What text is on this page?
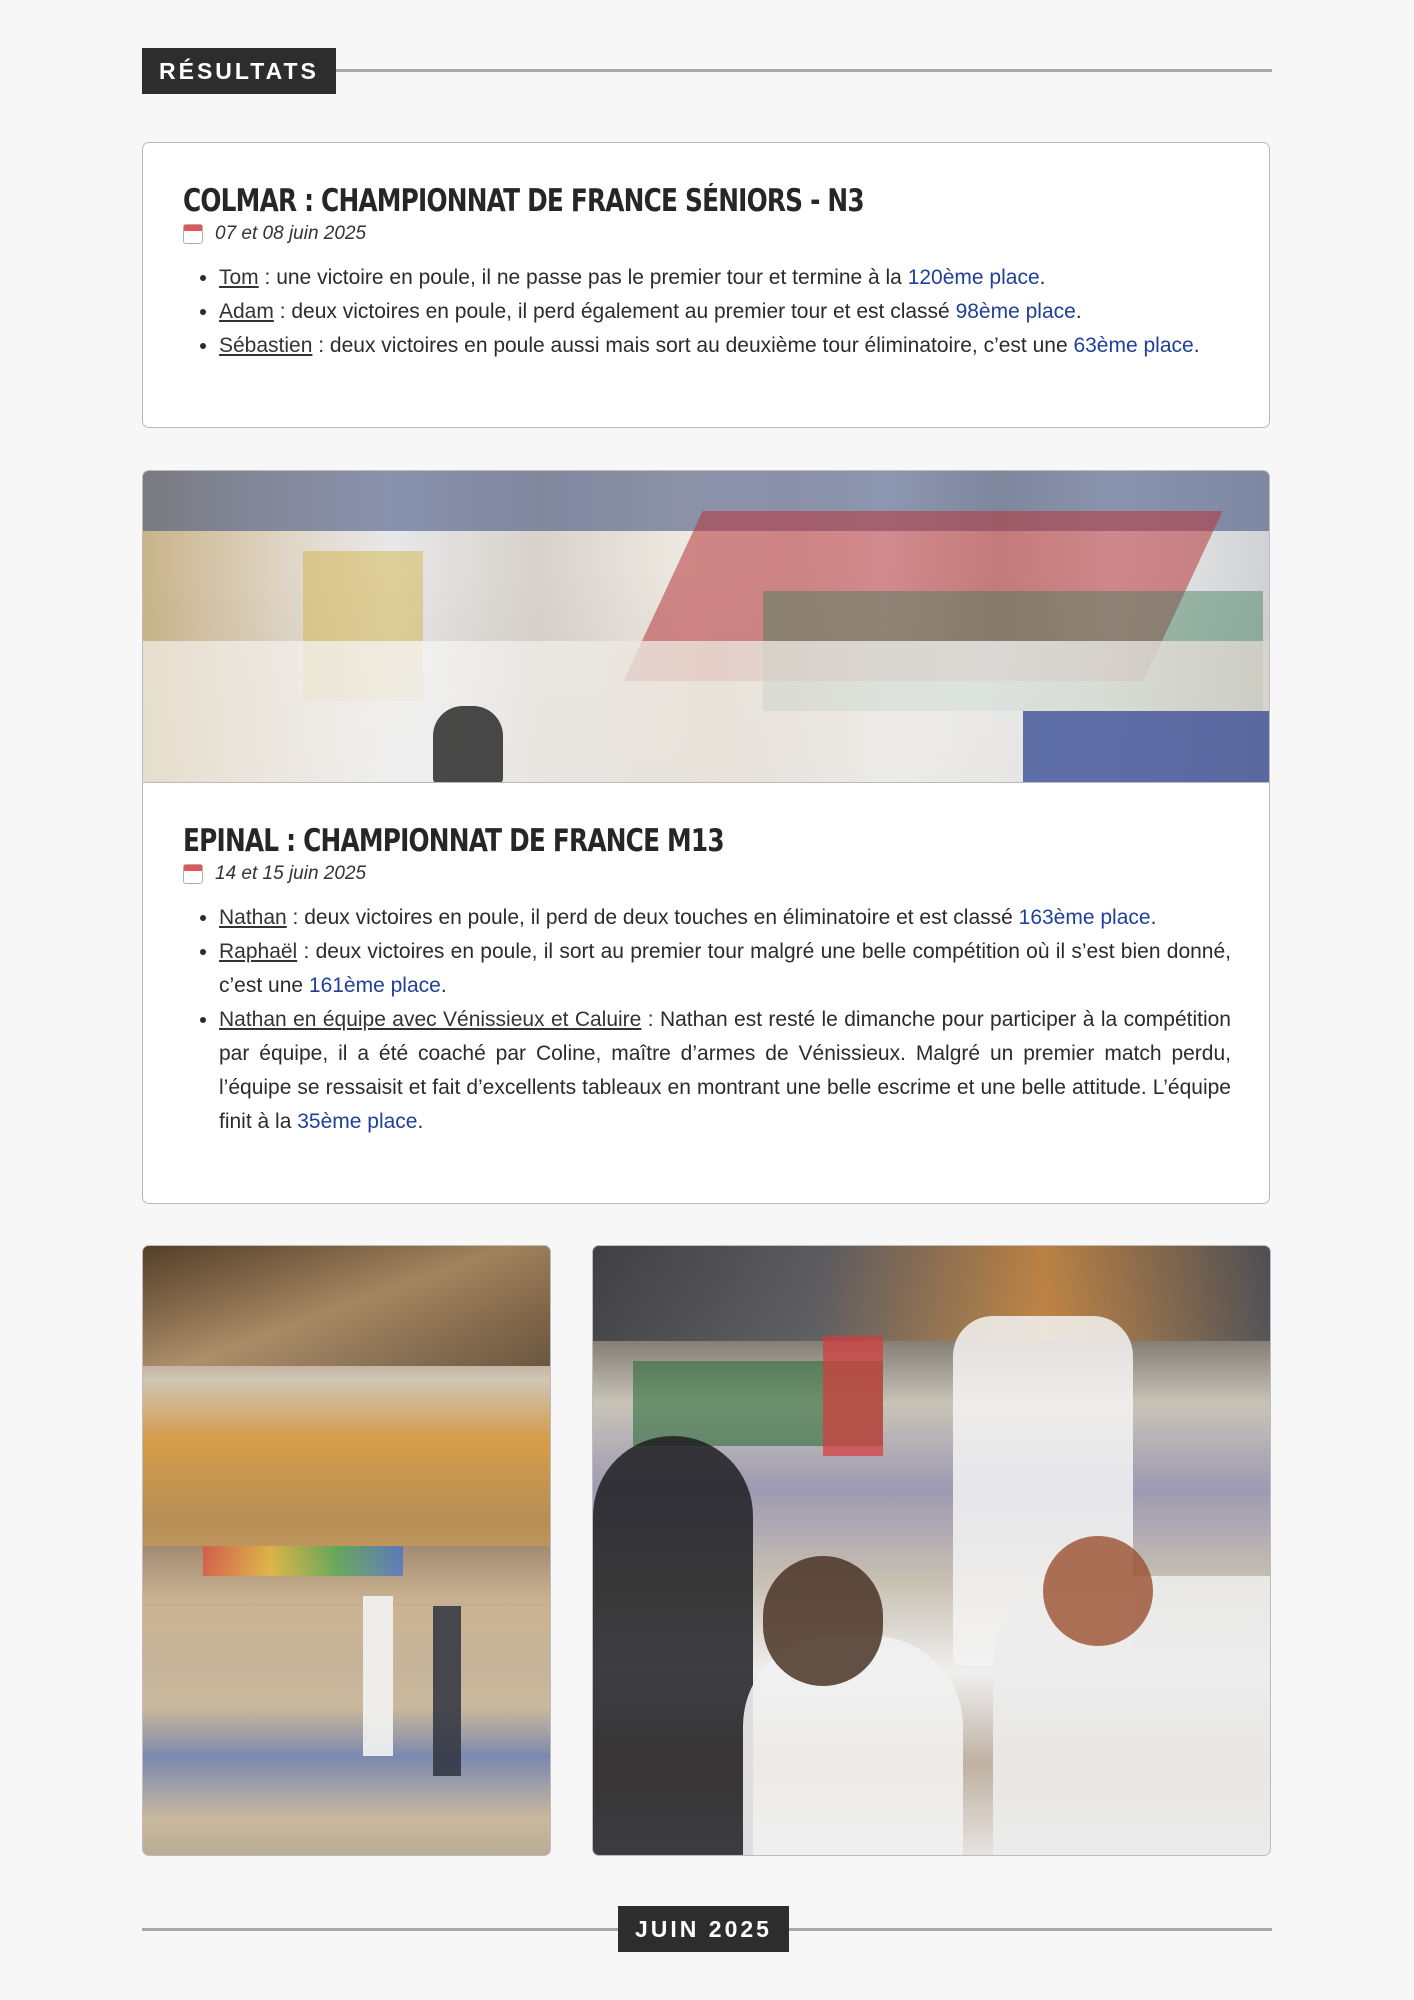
RÉSULTATS
COLMAR : CHAMPIONNAT DE FRANCE SÉNIORS - N3
07 et 08 juin 2025
• Tom : une victoire en poule, il ne passe pas le premier tour et termine à la 120ème place.
• Adam : deux victoires en poule, il perd également au premier tour et est classé 98ème place.
• Sébastien : deux victoires en poule aussi mais sort au deuxième tour éliminatoire, c’est une 63ème place.
EPINAL : CHAMPIONNAT DE FRANCE M13
14 et 15 juin 2025
• Nathan : deux victoires en poule, il perd de deux touches en éliminatoire et est classé 163ème place.
• Raphaël : deux victoires en poule, il sort au premier tour malgré une belle compétition où il s’est bien donné, c’est une 161ème place.
• Nathan en équipe avec Vénissieux et Caluire : Nathan est resté le dimanche pour participer à la compétition par équipe, il a été coaché par Coline, maître d’armes de Vénissieux. Malgré un premier match perdu, l’équipe se ressaisit et fait d’excellents tableaux en montrant une belle escrime et une belle attitude. L’équipe finit à la 35ème place.
JUIN 2025
